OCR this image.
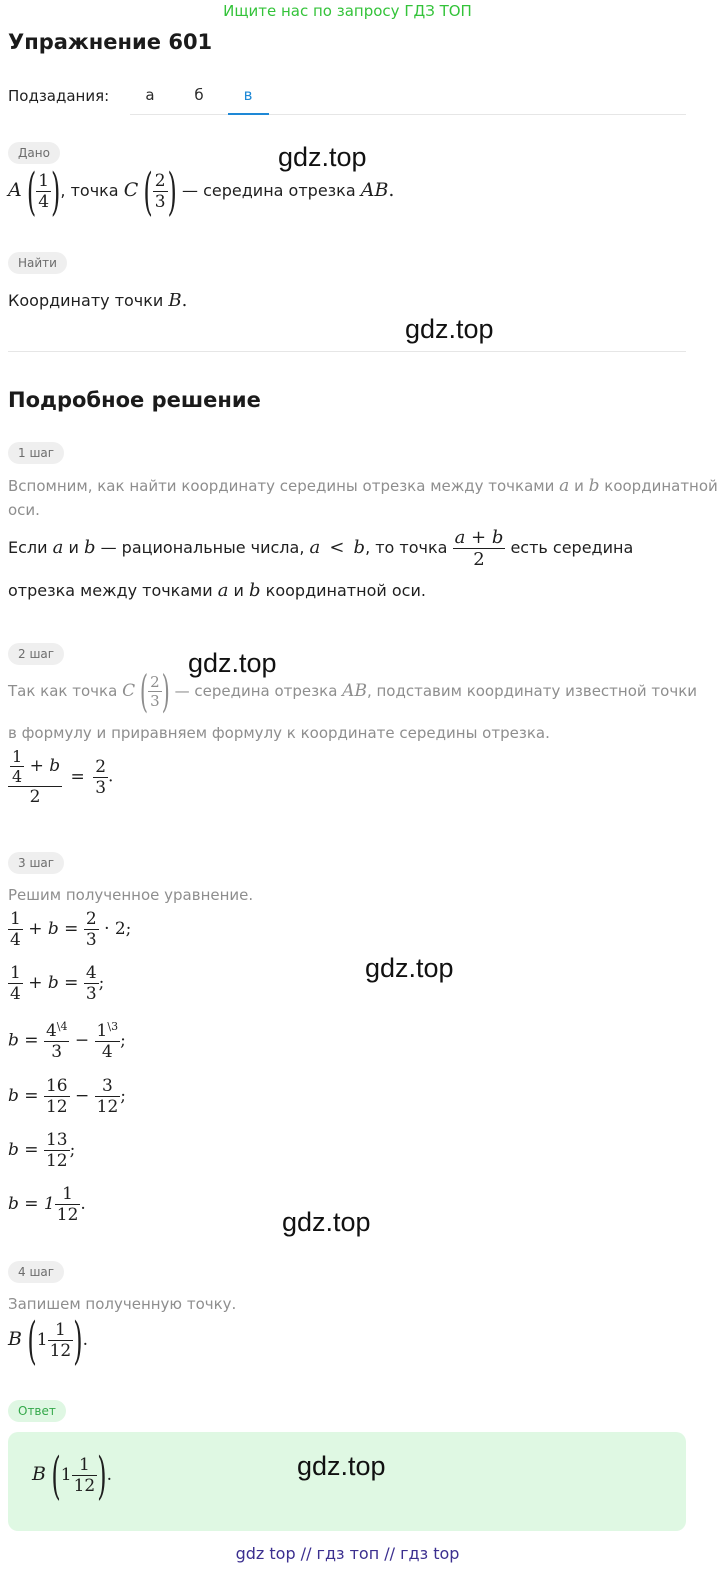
Ищите нас по запросу ГДЗ ТОП
Упражнение 601
Подзадания:	а	б	в
Дано	gdz.top
A ( $\frac{1}{4}$ ), точка C ( $\frac{2}{3}$ ) — середина отрезка AB.
Найти
Координату точки B.
gdz.top
Подробное решение
1 шаг
Вспомним, как найти координату середины отрезка между точками a и b координатной
оси.
Если a и b — рациональные числа, a < b, то точка $\frac{a + b}{2}$ есть середина
отрезка между точками a и b координатной оси.
2 шаг	gdz.top
Так как точка C ( $\frac{2}{3}$ ) — середина отрезка AB, подставим координату известной точки
в формулу и приравняем формулу к координате середины отрезка.
$\frac{\frac{1}{4} + b}{2} = \frac{2}{3}$ .
3 шаг
Решим полученное уравнение.
$\frac{1}{4} + b = \frac{2}{3} \cdot 2$;
gdz.top
$\frac{1}{4} + b = \frac{4}{3}$ ;
$b = \frac{4^{\backslash 4}}{3} - \frac{1^{\backslash 3}}{4}$ ;
$b = \frac{16}{12} - \frac{3}{12}$ ;
$b = \frac{13}{12}$ ;
$b = 1 \frac{1}{12}$ .
gdz.top
4 шаг
Запишем полученную точку.
B ($1 \frac{1}{12}$ ).
Ответ
B ($1 \frac{1}{12}$ ).	gdz.top
gdz top // гдз топ // гдз top
